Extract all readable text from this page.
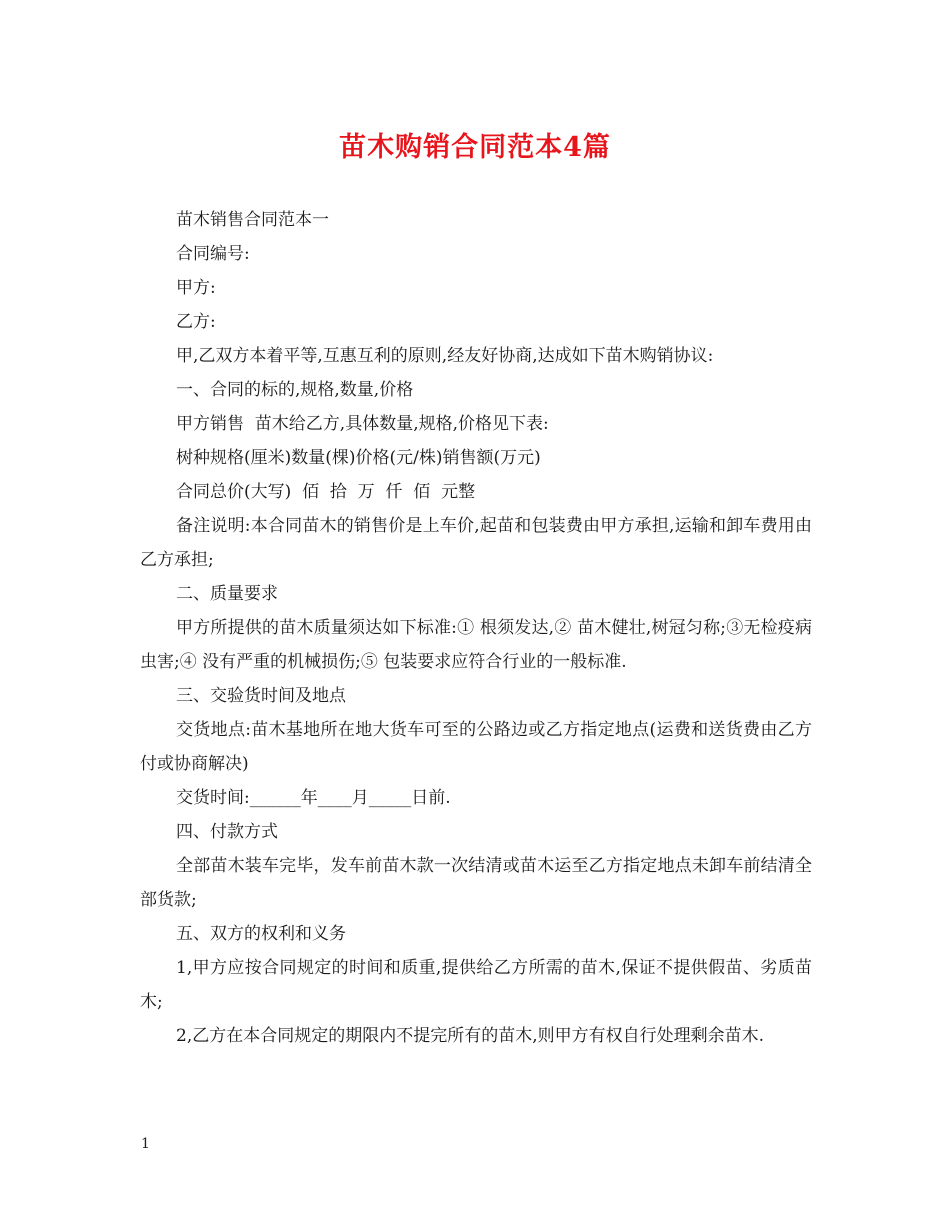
苗木购销合同范本4篇

苗木销售合同范本一

合同编号:

甲方:

乙方:

甲,乙双方本着平等,互惠互利的原则,经友好协商,达成如下苗木购销协议:

一、合同的标的,规格,数量,价格

甲方销售  苗木给乙方,具体数量,规格,价格见下表:

树种规格(厘米)数量(棵)价格(元/株)销售额(万元)

合同总价(大写)  佰  拾  万  仟  佰  元整

备注说明:本合同苗木的销售价是上车价,起苗和包装费由甲方承担,运输和卸车费用由乙方承担;

二、质量要求

甲方所提供的苗木质量须达如下标准:① 根须发达,② 苗木健壮,树冠匀称;③无检疫病虫害;④ 没有严重的机械损伤;⑤ 包装要求应符合行业的一般标准.

三、交验货时间及地点

交货地点:苗木基地所在地大货车可至的公路边或乙方指定地点(运费和送货费由乙方付或协商解决)

交货时间:______年____月_____日前.

四、付款方式

全部苗木装车完毕，发车前苗木款一次结清或苗木运至乙方指定地点未卸车前结清全部货款;

五、双方的权利和义务

1,甲方应按合同规定的时间和质重,提供给乙方所需的苗木,保证不提供假苗、劣质苗木;

2,乙方在本合同规定的期限内不提完所有的苗木,则甲方有权自行处理剩余苗木.

1
